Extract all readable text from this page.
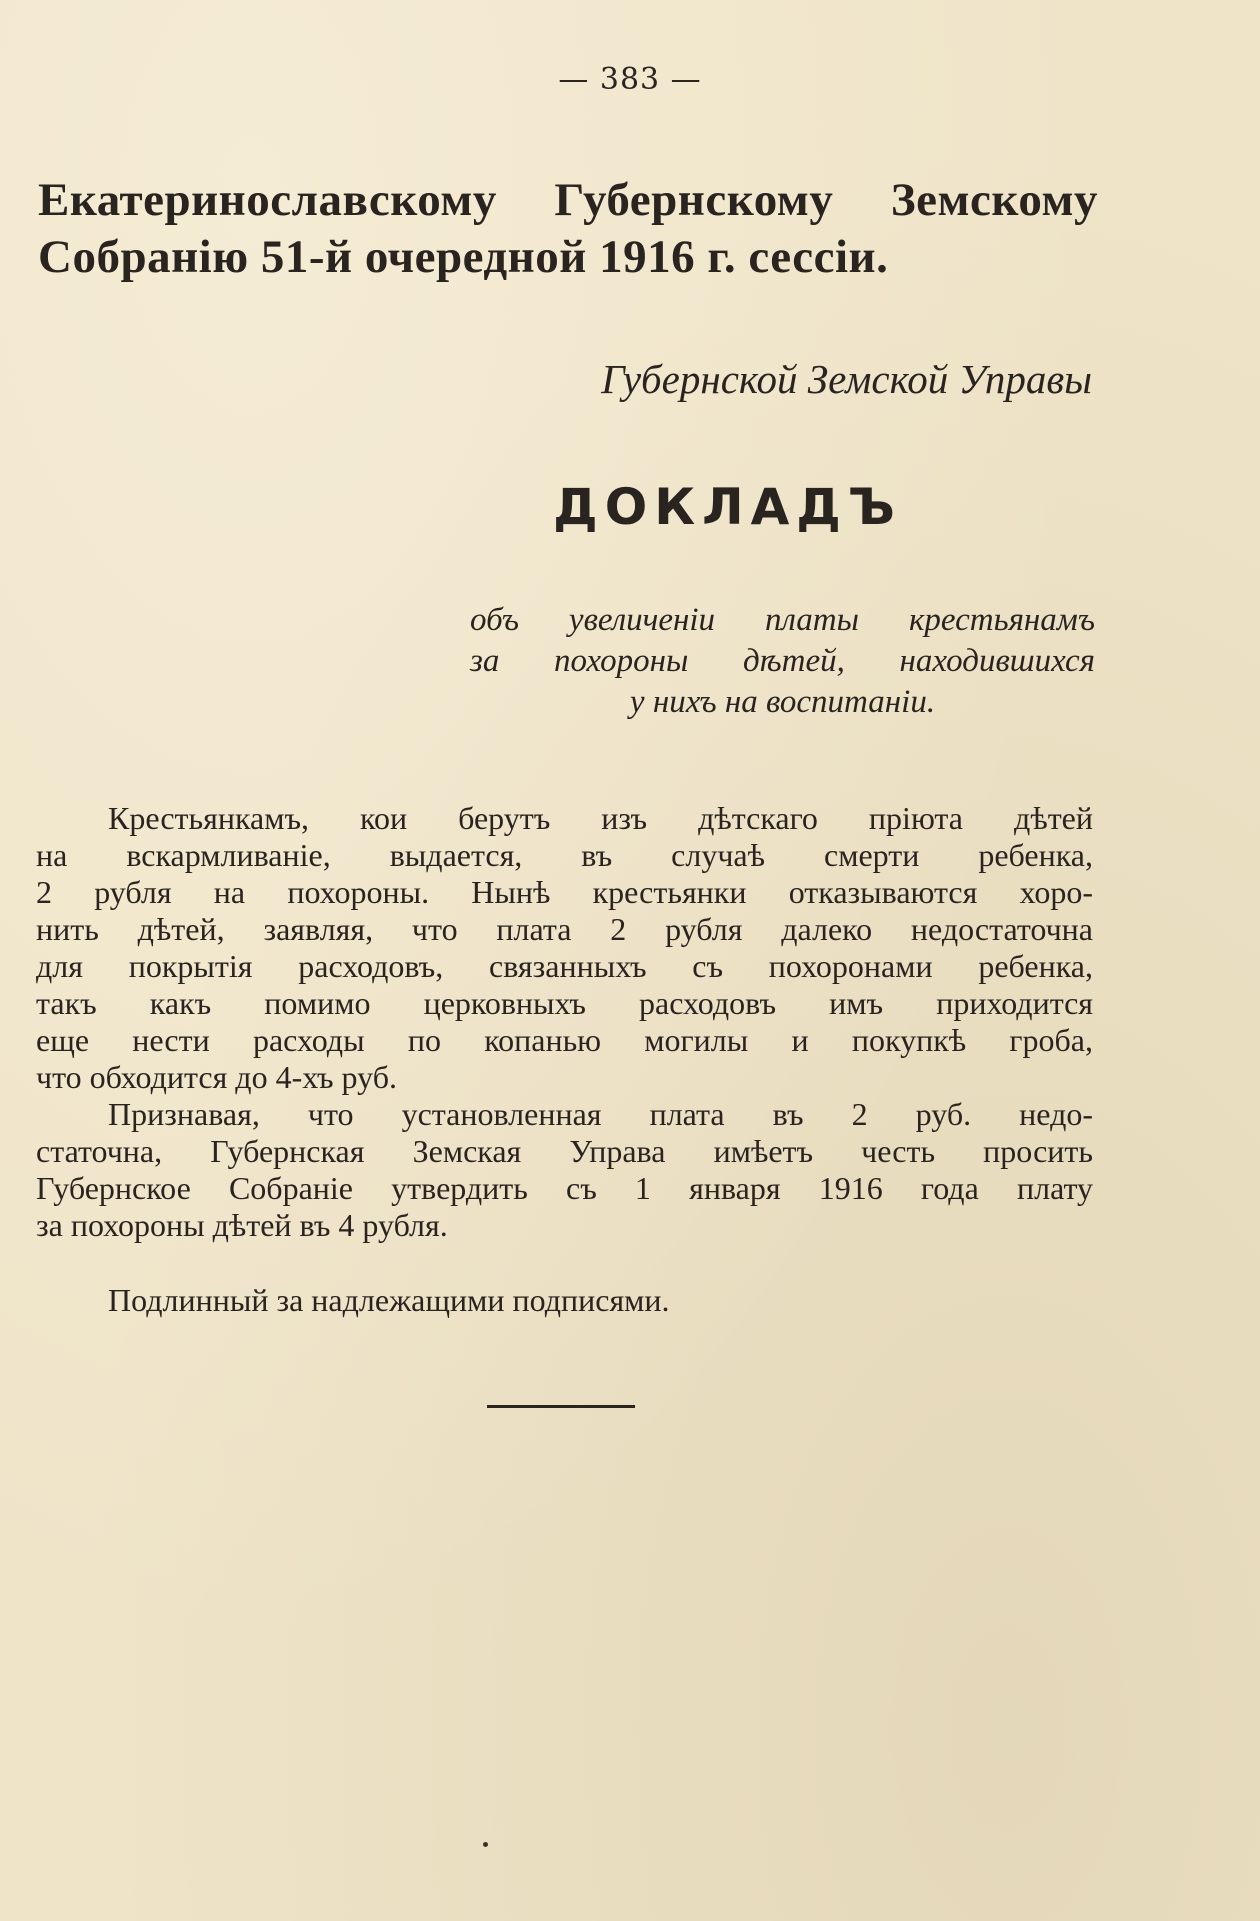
— 383 —
Екатеринославскому Губернскому Земскому
Собранію 51-й очередной 1916 г. сессіи.
Губернской Земской Управы
ДОКЛАДЪ
объ увеличеніи платы крестьянамъ
за похороны дѣтей, находившихся
у нихъ на воспитаніи.
Крестьянкамъ, кои берутъ изъ дѣтскаго пріюта дѣтей
на вскармливаніе, выдается, въ случаѣ смерти ребенка,
2 рубля на похороны. Нынѣ крестьянки отказываются хоро-
нить дѣтей, заявляя, что плата 2 рубля далеко недостаточна
для покрытія расходовъ, связанныхъ съ похоронами ребенка,
такъ какъ помимо церковныхъ расходовъ имъ приходится
еще нести расходы по копанью могилы и покупкѣ гроба,
что обходится до 4-хъ руб.
Признавая, что установленная плата въ 2 руб. недо-
статочна, Губернская Земская Управа имѣетъ честь просить
Губернское Собраніе утвердить съ 1 января 1916 года плату
за похороны дѣтей въ 4 рубля.
Подлинный за надлежащими подписями.
